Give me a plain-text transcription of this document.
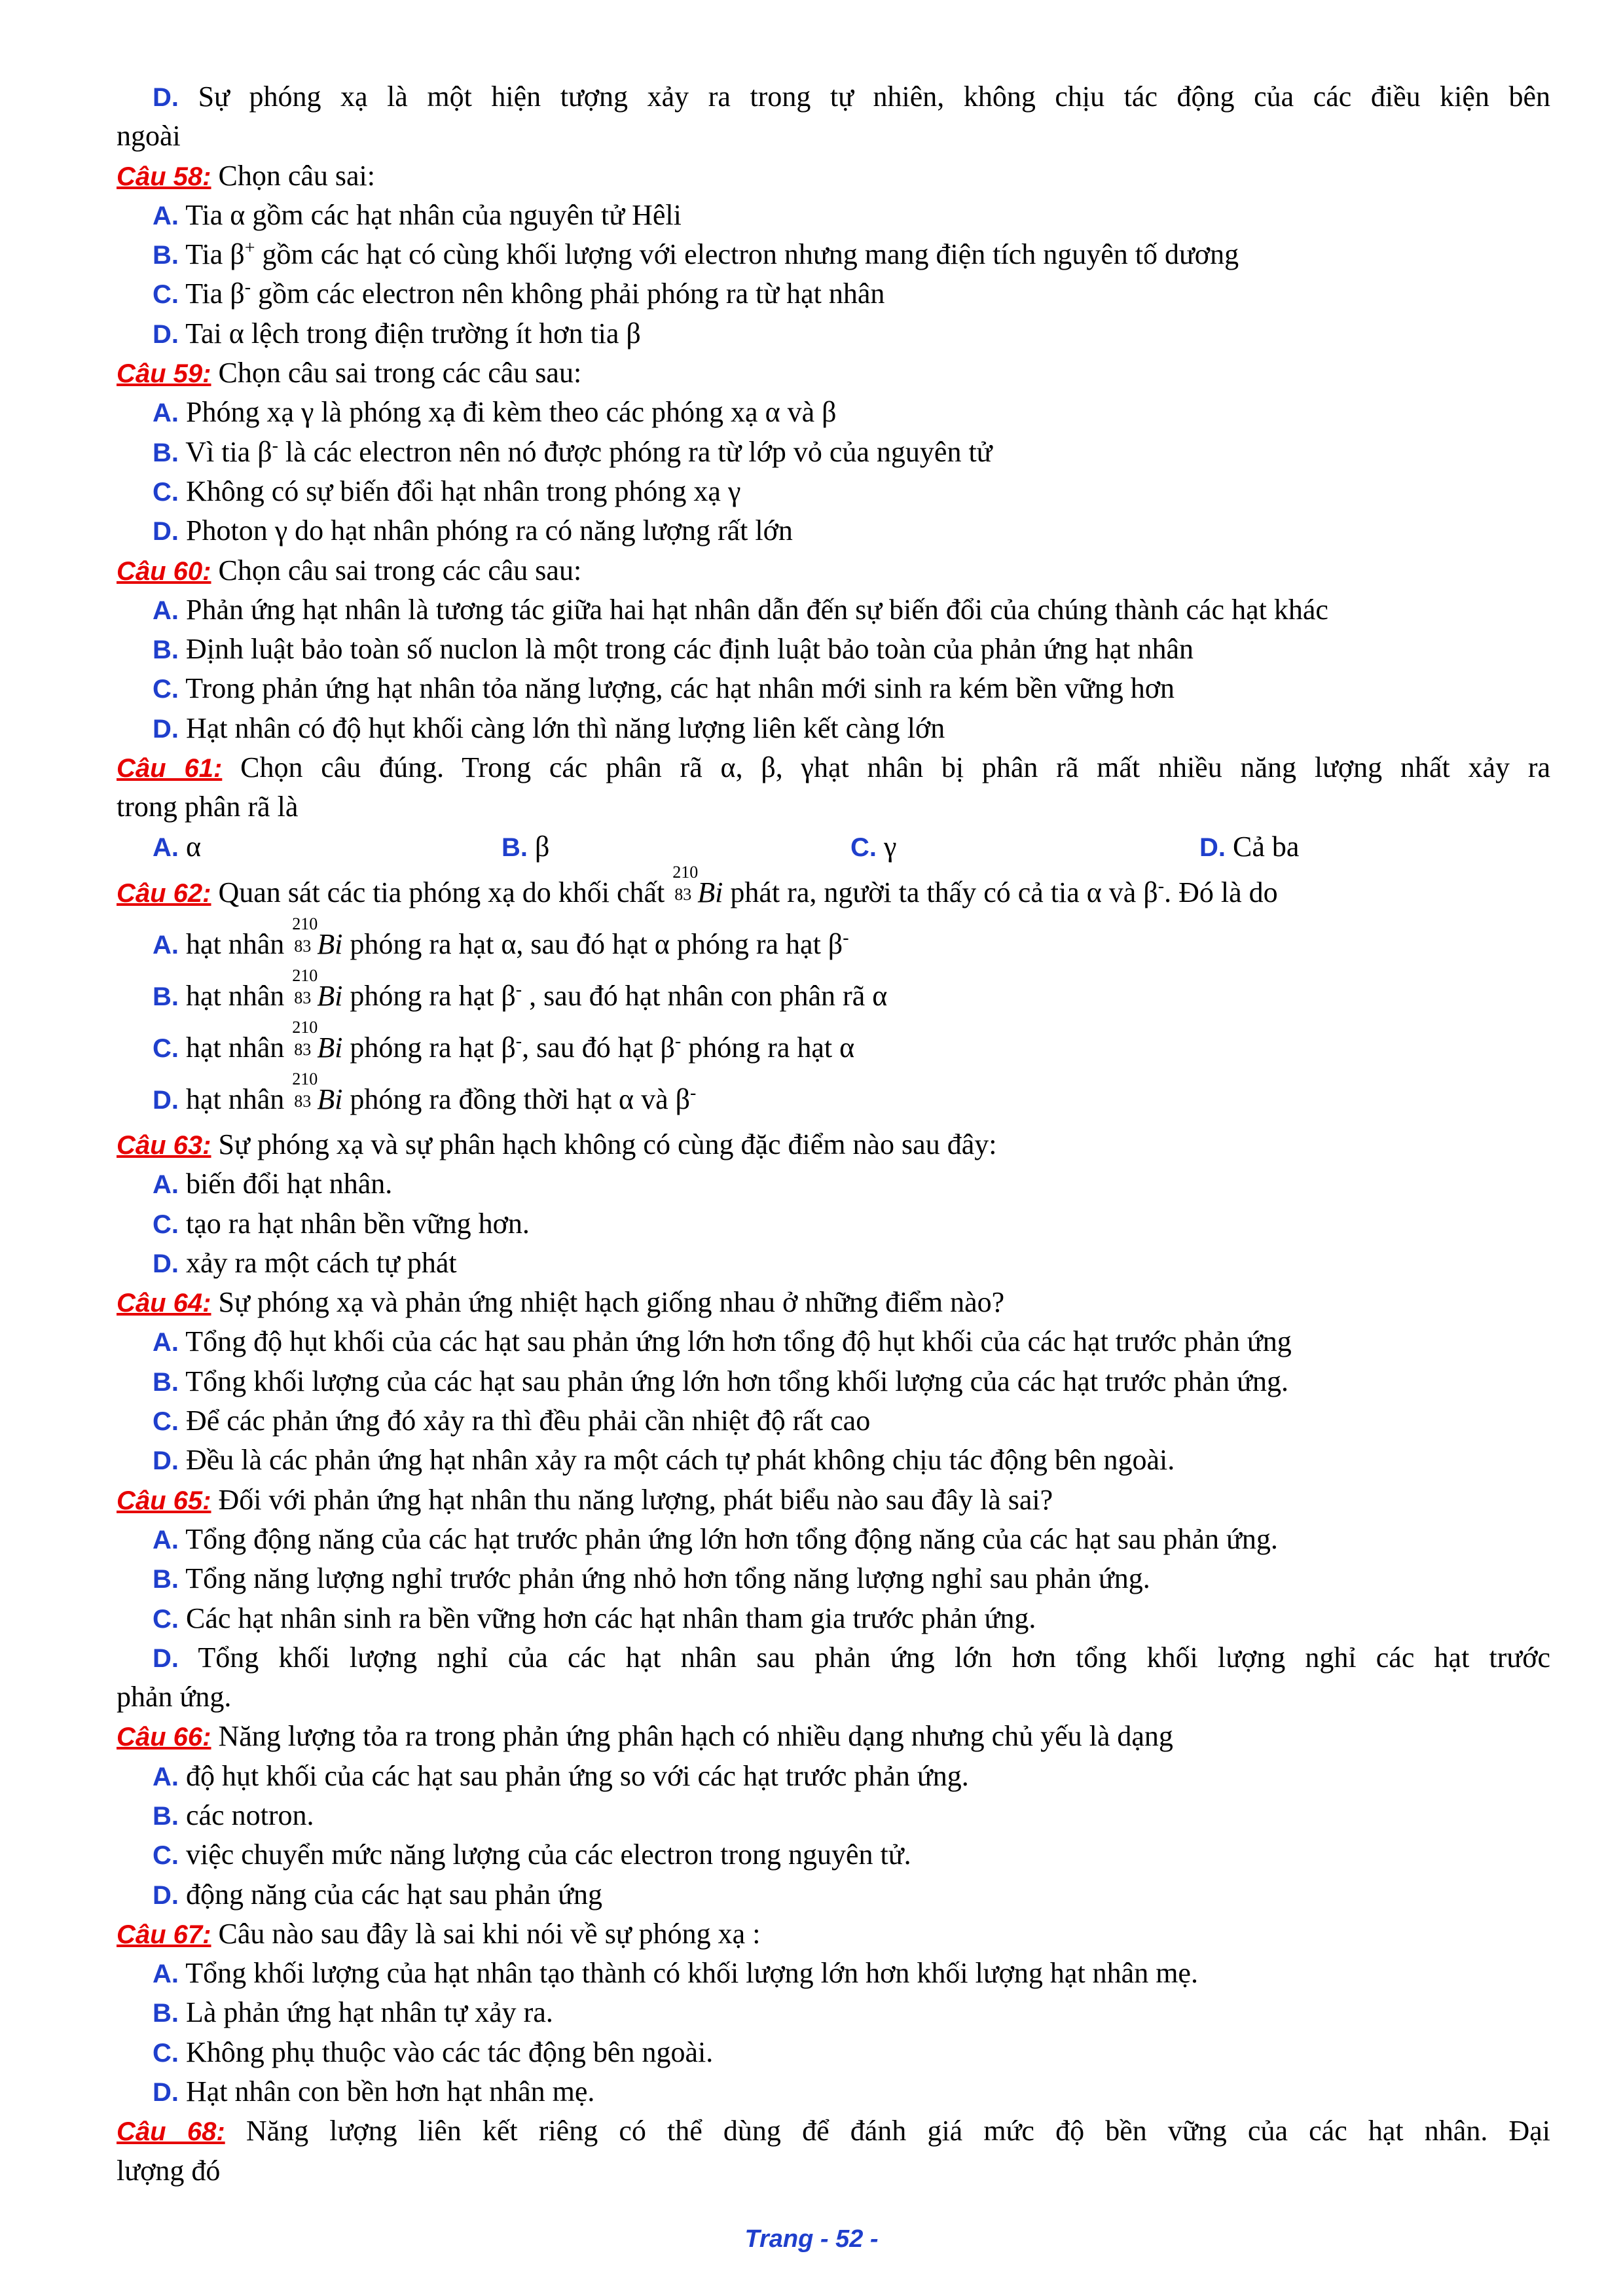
D. Sự phóng xạ là một hiện tượng xảy ra trong tự nhiên, không chịu tác động của các điều kiện bên
ngoài
Câu 58: Chọn câu sai:
A. Tia α gồm các hạt nhân của nguyên tử Hêli
B. Tia β+ gồm các hạt có cùng khối lượng với electron nhưng mang điện tích nguyên tố dương
C. Tia β- gồm các electron nên không phải phóng ra từ hạt nhân
D. Tai α lệch trong điện trường ít hơn tia β
Câu 59: Chọn câu sai trong các câu sau:
A. Phóng xạ γ là phóng xạ đi kèm theo các phóng xạ α và β
B. Vì tia β- là các electron nên nó được phóng ra từ lớp vỏ của nguyên tử
C. Không có sự biến đổi hạt nhân trong phóng xạ γ
D. Photon γ do hạt nhân phóng ra có năng lượng rất lớn
Câu 60: Chọn câu sai trong các câu sau:
A. Phản ứng hạt nhân là tương tác giữa hai hạt nhân dẫn đến sự biến đổi của chúng thành các hạt khác
B. Định luật bảo toàn số nuclon là một trong các định luật bảo toàn của phản ứng hạt nhân
C. Trong phản ứng hạt nhân tỏa năng lượng, các hạt nhân mới sinh ra kém bền vững hơn
D. Hạt nhân có độ hụt khối càng lớn thì năng lượng liên kết càng lớn
Câu 61: Chọn câu đúng. Trong các phân rã α, β, γhạt nhân bị phân rã mất nhiều năng lượng nhất xảy ra
trong phân rã là
A. α	B. β	C. γ	D. Cả ba
Câu 62: Quan sát các tia phóng xạ do khối chất
210
83 Bi phát ra, người ta thấy có cả tia α và β-. Đó là do
A. hạt nhân
210
83 Bi phóng ra hạt α, sau đó hạt α phóng ra hạt β-
B. hạt nhân
210
83 Bi phóng ra hạt β- , sau đó hạt nhân con phân rã α
C. hạt nhân
210
83 Bi phóng ra hạt β-, sau đó hạt β- phóng ra hạt α
D. hạt nhân
210
83 Bi phóng ra đồng thời hạt α và β-
Câu 63: Sự phóng xạ và sự phân hạch không có cùng đặc điểm nào sau đây:
A. biến đổi hạt nhân.
C. tạo ra hạt nhân bền vững hơn.
D. xảy ra một cách tự phát
Câu 64: Sự phóng xạ và phản ứng nhiệt hạch giống nhau ở những điểm nào?
A. Tổng độ hụt khối của các hạt sau phản ứng lớn hơn tổng độ hụt khối của các hạt trước phản ứng
B. Tổng khối lượng của các hạt sau phản ứng lớn hơn tổng khối lượng của các hạt trước phản ứng.
C. Để các phản ứng đó xảy ra thì đều phải cần nhiệt độ rất cao
D. Đều là các phản ứng hạt nhân xảy ra một cách tự phát không chịu tác động bên ngoài.
Câu 65: Đối với phản ứng hạt nhân thu năng lượng, phát biểu nào sau đây là sai?
A. Tổng động năng của các hạt trước phản ứng lớn hơn tổng động năng của các hạt sau phản ứng.
B. Tổng năng lượng nghỉ trước phản ứng nhỏ hơn tổng năng lượng nghỉ sau phản ứng.
C. Các hạt nhân sinh ra bền vững hơn các hạt nhân tham gia trước phản ứng.
D. Tổng khối lượng nghỉ của các hạt nhân sau phản ứng lớn hơn tổng khối lượng nghỉ các hạt trước
phản ứng.
Câu 66: Năng lượng tỏa ra trong phản ứng phân hạch có nhiều dạng nhưng chủ yếu là dạng
A. độ hụt khối của các hạt sau phản ứng so với các hạt trước phản ứng.
B. các notron.
C. việc chuyển mức năng lượng của các electron trong nguyên tử.
D. động năng của các hạt sau phản ứng
Câu 67: Câu nào sau đây là sai khi nói về sự phóng xạ :
A. Tổng khối lượng của hạt nhân tạo thành có khối lượng lớn hơn khối lượng hạt nhân mẹ.
B. Là phản ứng hạt nhân tự xảy ra.
C. Không phụ thuộc vào các tác động bên ngoài.
D. Hạt nhân con bền hơn hạt nhân mẹ.
Câu 68: Năng lượng liên kết riêng có thể dùng để đánh giá mức độ bền vững của các hạt nhân. Đại
lượng đó
Trang - 52 -
